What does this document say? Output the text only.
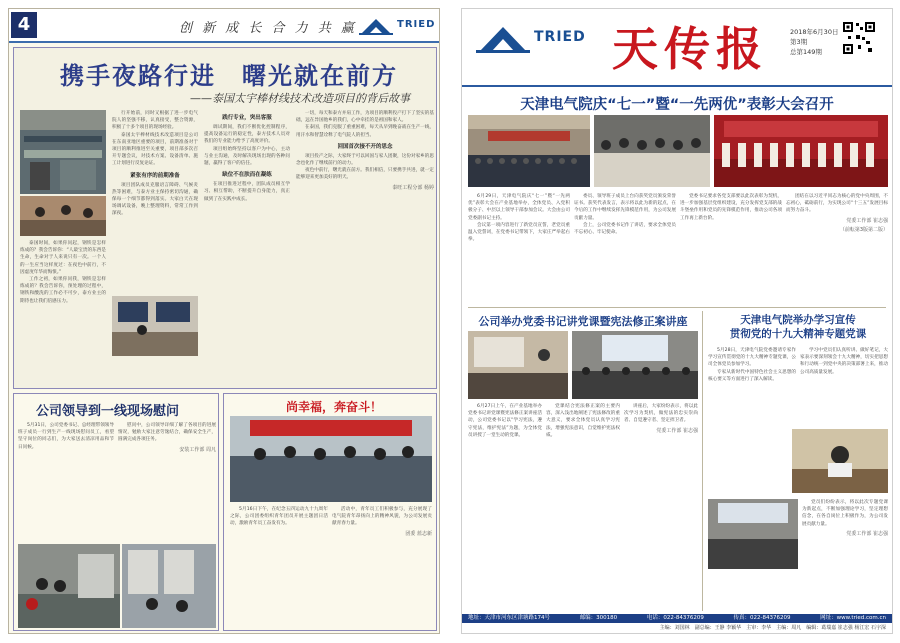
4	创 新 成 长 合 力 共 赢	TRIED
携手夜路行进　曙光就在前方
——泰国太宇棒材线技术改造项目的背后故事

泰国时间，如果你问起，钢铁是怎样炼成的？我会告诉你：“人最宝贵的东西是生命，生命对于人来说只有一次。一个人的一生应当这样度过：在夜色中前行，不因虚度年华而悔恨。”

工作之初，如果你问我，钢铁是怎样炼成的？我会告诉你，预处理的过程中，钢铁和酸洗的工作必不可少，泰方业主的期待也让我们倍感压力。

行开始前，同时又根据了进一步电气院人的坚强不移，认真接受，整合资源，积极了十多个项目的现场经验。

泰国太宇棒材线技术改造项目是公司在东南亚地区重要的项目，前期准备对于项目的顺利推进至关重要，项目部多次召开专题会议，对技术方案、设备清单、施工计划进行反复论证。

紧张有序的前期准备

项目团队成员克服语言障碍、气候炎热等困难，与泰方业主保持密切沟通，确保每一个细节都得到落实。大家白天在现场调试设备，晚上整理资料，常常工作到深夜。

践行专业，突出客服

调试期间，我们不断优化控制程序，提高设备运行的稳定性，泰方技术人员对我们的专业能力给予了高度评价。

项目组始终坚持以客户为中心，主动与业主沟通，及时解决现场出现的各种问题，赢得了客户的信任。

缺位不在肤而在凝练

在项目推进过程中，团队成员相互学习、相互帮助，不断提升自身能力，真正做到了在实践中成长。

一切，每天和泰方并肩工作，为项目的顺利投产打下了坚实的基础，远在异国他乡的我们，心中牵挂的是祖国和家人。

在泰国，我们克服了重重困难，每天从早到晚奋战在生产一线，用汗水和智慧诠释了电气院人的担当。

回国首次接不开的思念

项目投产之际，大家终于可以回国与家人团聚，这份对家乡的思念也化作了继续前行的动力。

夜色中前行，曙光就在前方。我们相信，只要携手共进，就一定能够迎来更加美好的明天。

泰旺工程分部 杨婷
公司领导到一线现场慰问

5月31日，公司党委书记、总经理带领领导班子成员一行到生产一线现场慰问员工，看望坚守岗位的同志们，为大家送去清凉用品和节日问候。

慰问中，公司领导详细了解了各项目的进展情况，勉励大家注意劳逸结合，确保安全生产，圆满完成各项任务。

安装工作部 周凡
尚幸福，奔奋斗！

5月16日下午，在纪念五四运动九十九周年之际，公司团委组织青年团员开展主题团日活动，激励青年员工奋发有为。

活动中，青年员工们积极参与，充分展现了电气院青年昂扬向上的精神风貌，为公司发展贡献青春力量。

团委 蓝志新
TRIED 天传报	2018年6月30日
第3期
总第149期
天津电气院庆“七一”暨“一先两优”表彰大会召开

6月29日，天津电气院庆“七一”暨“一先两优”表彰大会在产业基地举办，全体党员、入党积极分子、中层以上领导干部参加会议。大会由公司党委副书记主持。

会议第一项内容进行了新党员宣誓，老党员重温入党誓词，在党委书记带领下，大家庄严举起右拳。

委员、领导班子成员上台向获奖党员颁发荣誉证书。获奖代表发言，表示将以此为新的起点，在今后的工作中继续发挥先锋模范作用，为公司发展贡献力量。

会上，公司党委书记作了讲话，要求全体党员不忘初心、牢记使命。

党委书记要求各党支部要以此次表彰为契机，进一步加强基层党组织建设，充分发挥党支部的战斗堡垒作用和党员的先锋模范作用，推动公司各项工作再上新台阶。

团结在以习近平同志为核心的党中央周围，不忘初心，砥砺前行，为实现公司“十三五”发展目标而努力奋斗。

党委工作部 崔志强
（前転第3版第二版）
公司举办党委书记讲党课暨宪法修正案讲座

6月27日上午，在产业基地举办党委书记讲党课暨宪法修正案讲座活动，公司党委书记以“学习宪法，遵守宪法，维护宪法”为题，为全体党员讲授了一堂生动的党课。

党课结合宪法修正案的主要内容，深入浅出地阐述了宪法修改的重大意义，要求全体党员认真学习宪法，增强宪法意识，自觉维护宪法权威。

讲座后，大家纷纷表示，将以此次学习为契机，做宪法的忠实崇尚者、自觉遵守者、坚定捍卫者。

党委工作部 崔志强
天津电气院举办学习宣传
贯彻党的十九大精神专题党课

5月28日，天津电气院党委邀请专家作学习宣传贯彻党的十九大精神专题党课，公司全体党员参加学习。

专家从新时代中国特色社会主义思想的核心要义等方面进行了深入解读。

学习中党员们认真听讲、做好笔记，大家表示要深刻领会十九大精神，切实把思想和行动统一到党中央的决策部署上来，推动公司高质量发展。

党员们纷纷表示，将以此次专题党课为新起点，不断加强理论学习，坚定理想信念，在各自岗位上积极作为，为公司发展贡献力量。

党委工作部 崔志强
地址：天津市河东区津塘路174号	邮编：300180	电话：022-84376209	传真：022-84376209	网址：www.tried.com.cn
主编：刘国林　副总编：王静 李颖华　主审：李华　主编：周凡　编辑：葛瑞嘉 崔志强 杨江宏 石宇深
